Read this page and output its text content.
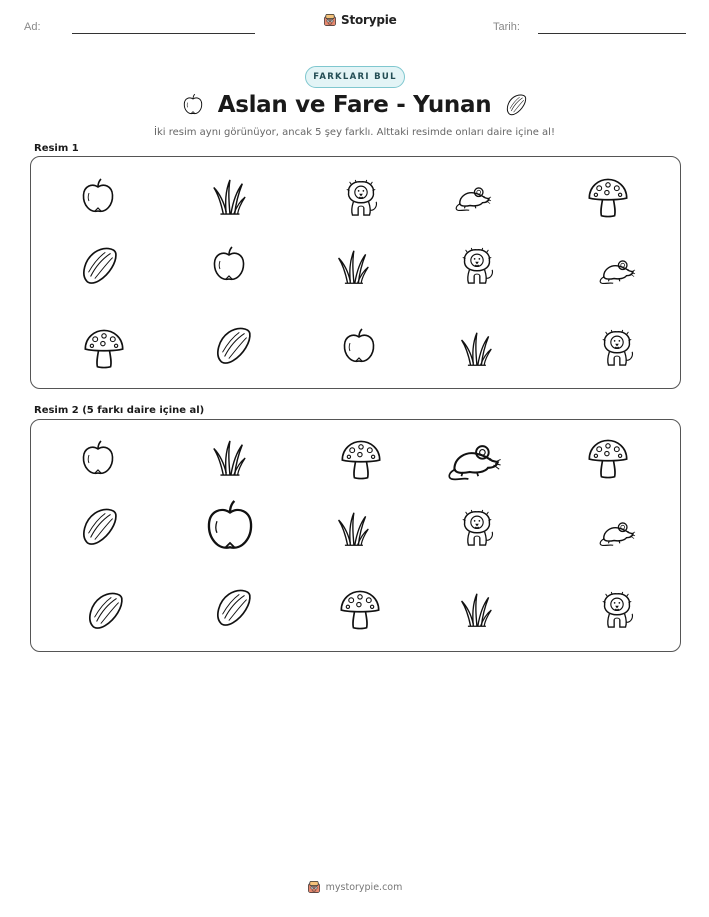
Ad:	Storypie	Tarih:
FARKLARI BUL
Aslan ve Fare - Yunan
İki resim aynı görünüyor, ancak 5 şey farklı. Alttaki resimde onları daire içine al!
Resim 1
Resim 2 (5 farkı daire içine al)
mystorypie.com
